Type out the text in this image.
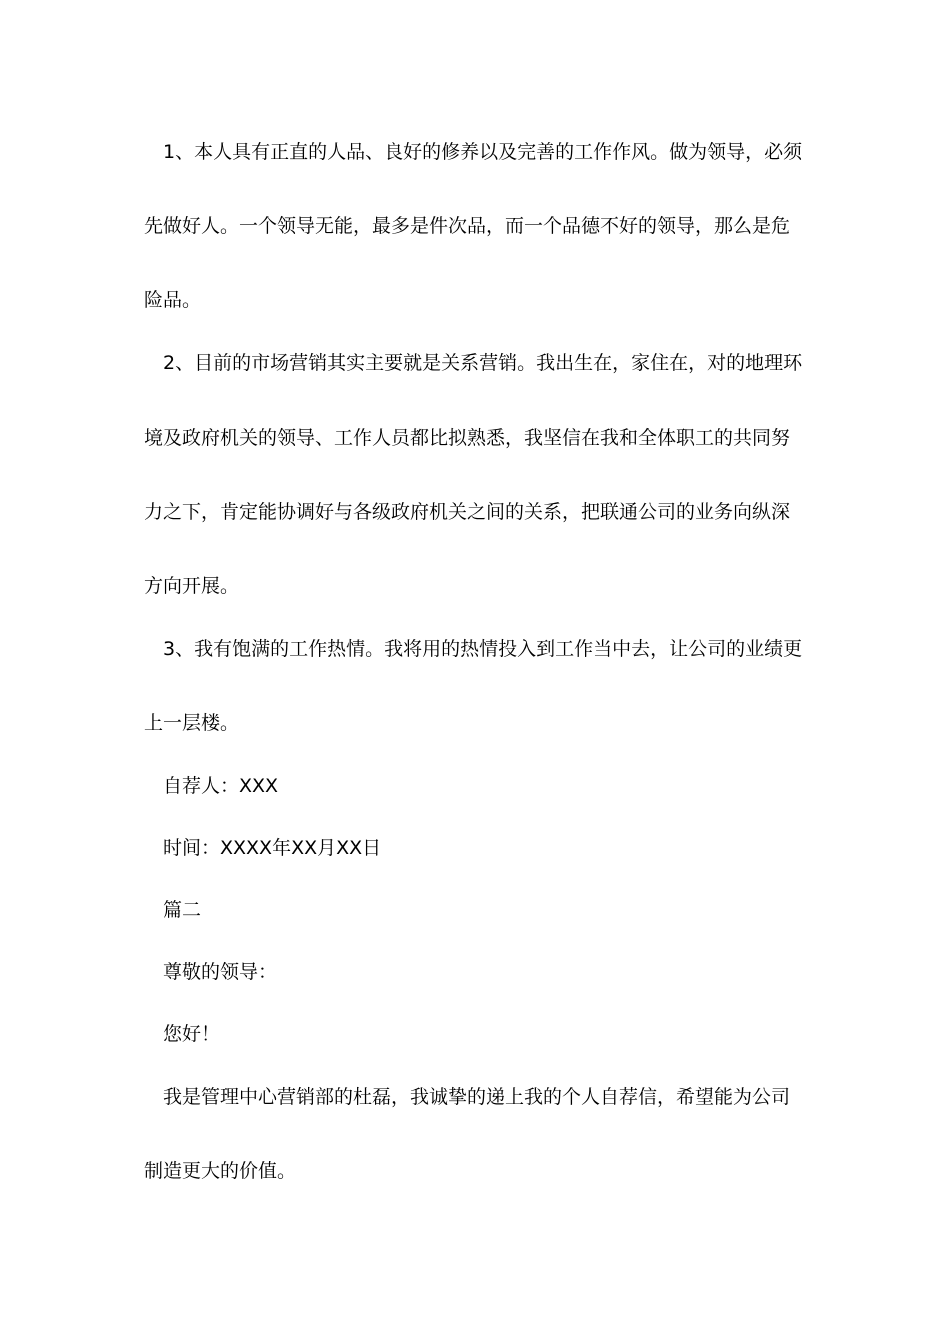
1、本人具有正直的人品、良好的修养以及完善的工作作风。做为领导，必须
先做好人。一个领导无能，最多是件次品，而一个品德不好的领导，那么是危
险品。
2、目前的市场营销其实主要就是关系营销。我出生在，家住在，对的地理环
境及政府机关的领导、工作人员都比拟熟悉，我坚信在我和全体职工的共同努
力之下，肯定能协调好与各级政府机关之间的关系，把联通公司的业务向纵深
方向开展。
3、我有饱满的工作热情。我将用的热情投入到工作当中去，让公司的业绩更
上一层楼。
自荐人：XXX
时间：XXXX年XX月XX日
篇二
尊敬的领导：
您好！
我是管理中心营销部的杜磊，我诚挚的递上我的个人自荐信，希望能为公司
制造更大的价值。
